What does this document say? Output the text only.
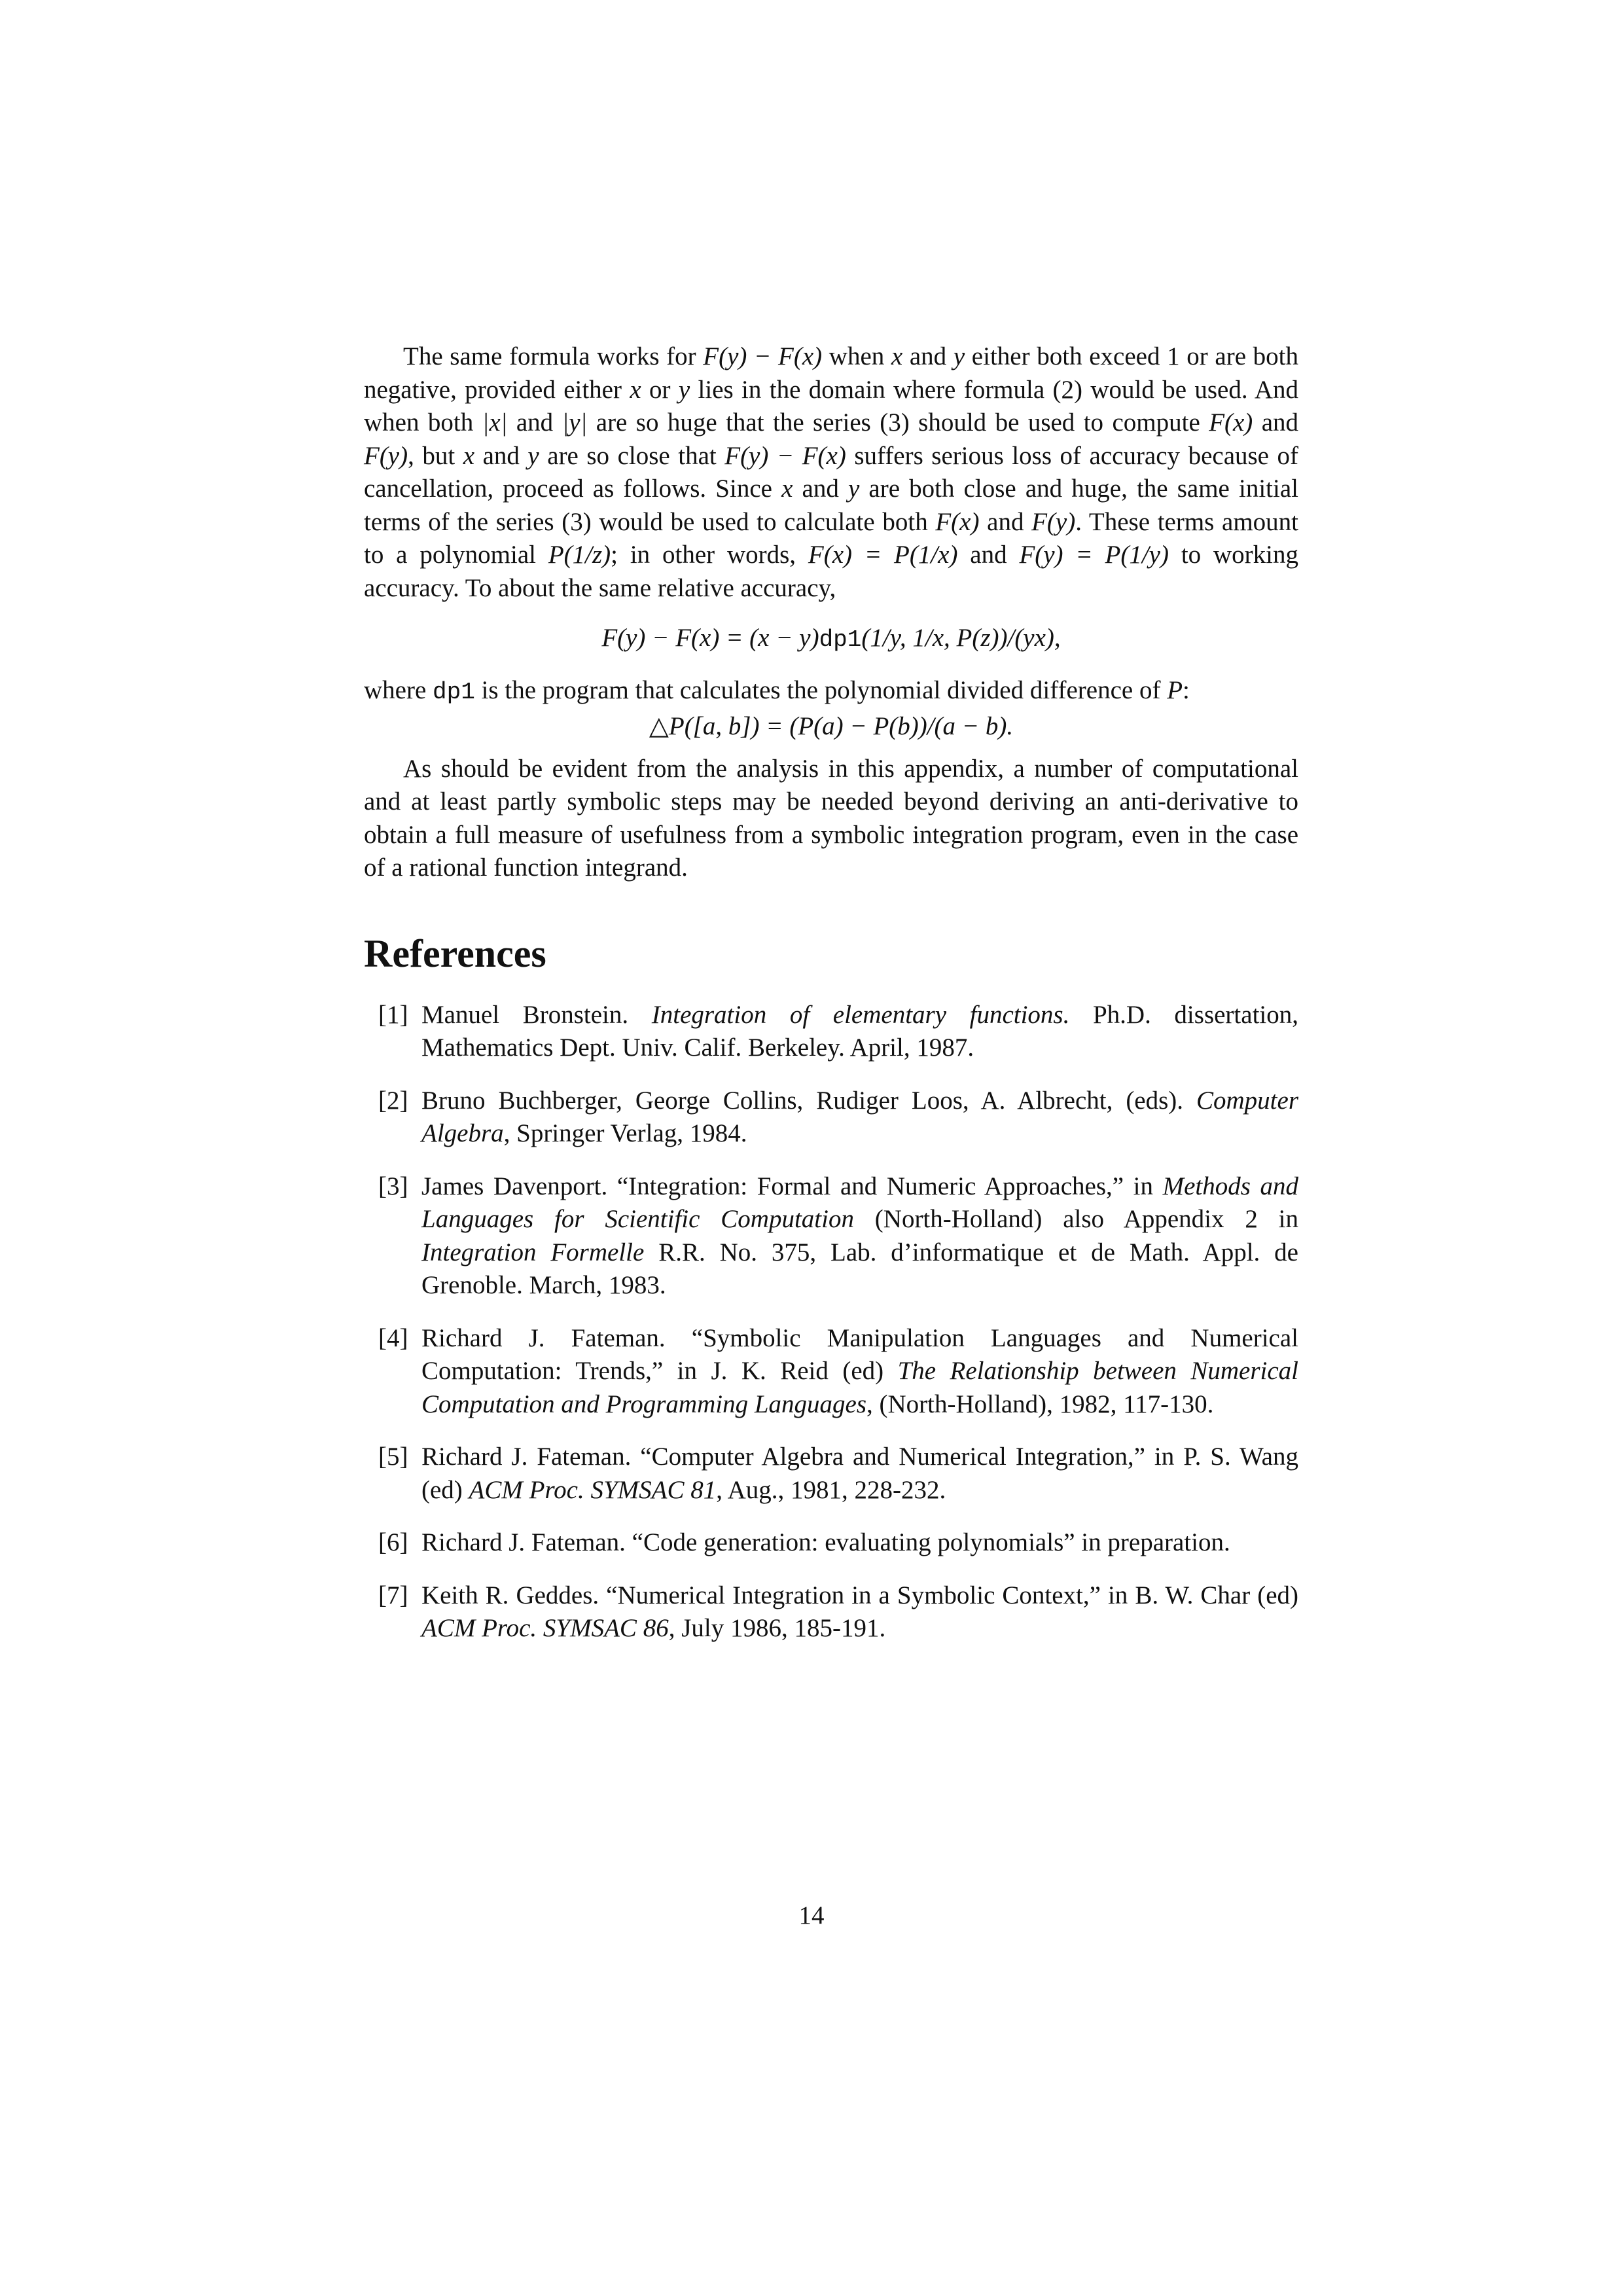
The same formula works for F(y) − F(x) when x and y either both exceed 1 or are both negative, provided either x or y lies in the domain where formula (2) would be used. And when both |x| and |y| are so huge that the series (3) should be used to compute F(x) and F(y), but x and y are so close that F(y) − F(x) suffers serious loss of accuracy because of cancellation, proceed as follows. Since x and y are both close and huge, the same initial terms of the series (3) would be used to calculate both F(x) and F(y). These terms amount to a polynomial P(1/z); in other words, F(x) = P(1/x) and F(y) = P(1/y) to working accuracy. To about the same relative accuracy,

F(y) − F(x) = (x − y)dp1(1/y, 1/x, P(z))/(yx),

where dp1 is the program that calculates the polynomial divided difference of P:

△P([a, b]) = (P(a) − P(b))/(a − b).

As should be evident from the analysis in this appendix, a number of computational and at least partly symbolic steps may be needed beyond deriving an anti-derivative to obtain a full measure of usefulness from a symbolic integration program, even in the case of a rational function integrand.

References
[1] Manuel Bronstein. Integration of elementary functions. Ph.D. dissertation, Mathematics Dept. Univ. Calif. Berkeley. April, 1987.
[2] Bruno Buchberger, George Collins, Rudiger Loos, A. Albrecht, (eds). Computer Algebra, Springer Verlag, 1984.
[3] James Davenport. “Integration: Formal and Numeric Approaches,” in Methods and Languages for Scientific Computation (North-Holland) also Appendix 2 in Integration Formelle R.R. No. 375, Lab. d’informatique et de Math. Appl. de Grenoble. March, 1983.
[4] Richard J. Fateman. “Symbolic Manipulation Languages and Numerical Computation: Trends,” in J. K. Reid (ed) The Relationship between Numerical Computation and Programming Languages, (North-Holland), 1982, 117-130.
[5] Richard J. Fateman. “Computer Algebra and Numerical Integration,” in P. S. Wang (ed) ACM Proc. SYMSAC 81, Aug., 1981, 228-232.
[6] Richard J. Fateman. “Code generation: evaluating polynomials” in preparation.
[7] Keith R. Geddes. “Numerical Integration in a Symbolic Context,” in B. W. Char (ed) ACM Proc. SYMSAC 86, July 1986, 185-191.
14
